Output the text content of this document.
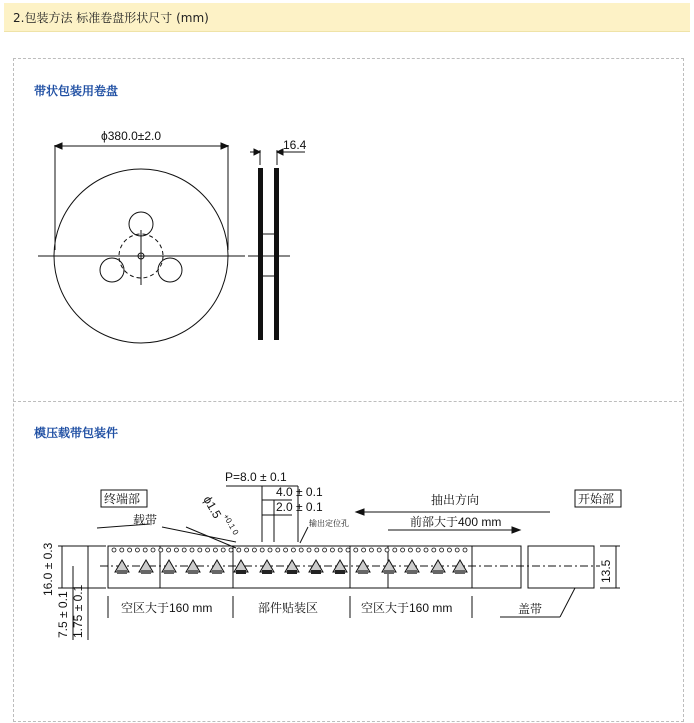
2.包装方法 标准卷盘形状尺寸 (mm)
带状包装用卷盘
模压载带包装件
ϕ380.0±2.0
16.4
P=8.0 ± 0.1
4.0 ± 0.1
2.0 ± 0.1
载带
抽出方向
前部大于400 mm
空区大于160 mm	部件贴装区	空区大于160 mm	盖带
13.5
16.0 ± 0.3
7.5 ± 0.1 1.75 ± 0.1
ϕ1.5
+0.1 0
终端部	开始部
输出定位孔
